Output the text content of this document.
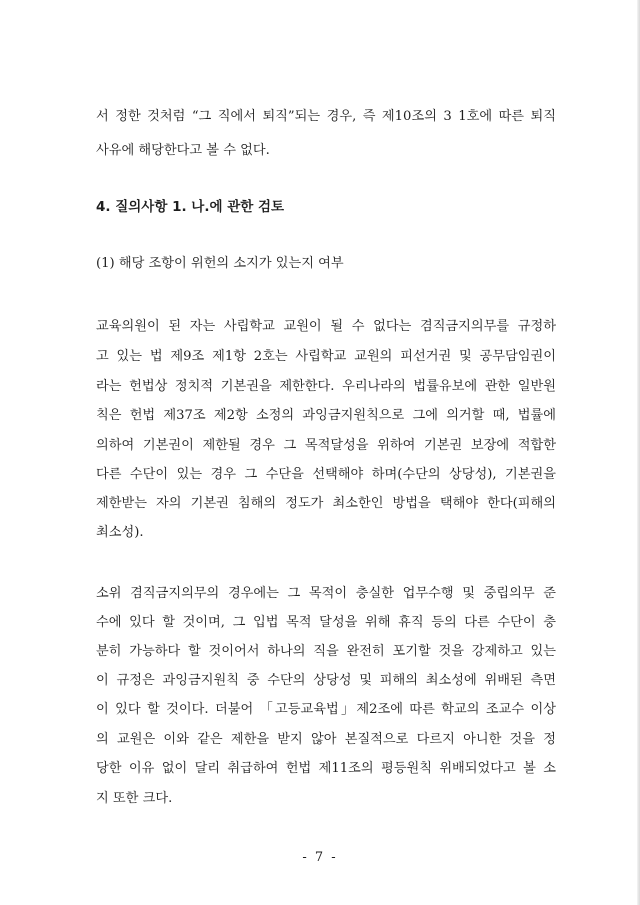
서 정한 것처럼 “그 직에서 퇴직”되는 경우, 즉 제10조의 3 1호에 따른 퇴직
사유에 해당한다고 볼 수 없다.
4. 질의사항 1. 나.에 관한 검토
(1) 해당 조항이 위헌의 소지가 있는지 여부
교육의원이 된 자는 사립학교 교원이 될 수 없다는 겸직금지의무를 규정하
고 있는 법 제9조 제1항 2호는 사립학교 교원의 피선거권 및 공무담임권이
라는 헌법상 정치적 기본권을 제한한다. 우리나라의 법률유보에 관한 일반원
칙은 헌법 제37조 제2항 소정의 과잉금지원칙으로 그에 의거할 때, 법률에
의하여 기본권이 제한될 경우 그 목적달성을 위하여 기본권 보장에 적합한
다른 수단이 있는 경우 그 수단을 선택해야 하며(수단의 상당성), 기본권을
제한받는 자의 기본권 침해의 정도가 최소한인 방법을 택해야 한다(피해의
최소성).
소위 겸직금지의무의 경우에는 그 목적이 충실한 업무수행 및 중립의무 준
수에 있다 할 것이며, 그 입법 목적 달성을 위해 휴직 등의 다른 수단이 충
분히 가능하다 할 것이어서 하나의 직을 완전히 포기할 것을 강제하고 있는
이 규정은 과잉금지원칙 중 수단의 상당성 및 피해의 최소성에 위배된 측면
이 있다 할 것이다. 더불어 「고등교육법」제2조에 따른 학교의 조교수 이상
의 교원은 이와 같은 제한을 받지 않아 본질적으로 다르지 아니한 것을 정
당한 이유 없이 달리 취급하여 헌법 제11조의 평등원칙 위배되었다고 볼 소
지 또한 크다.
- 7 -
